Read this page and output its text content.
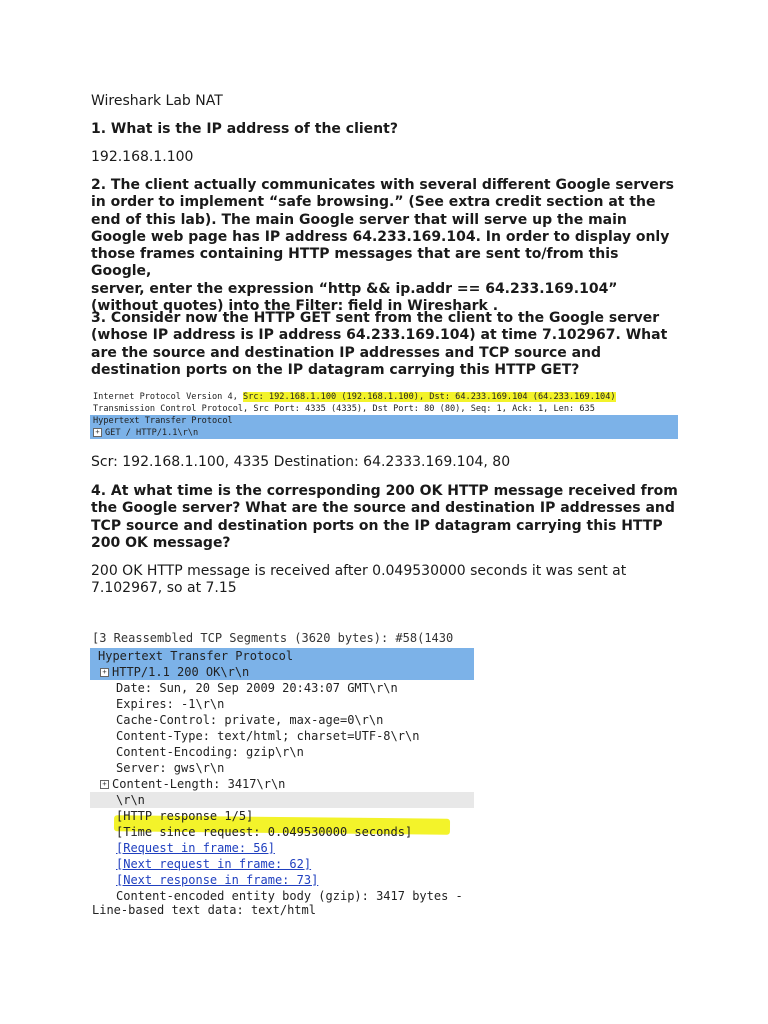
Wireshark Lab NAT

1. What is the IP address of the client?

192.168.1.100

2. The client actually communicates with several different Google servers
in order to implement “safe browsing.” (See extra credit section at the
end of this lab). The main Google server that will serve up the main
Google web page has IP address 64.233.169.104. In order to display only
those frames containing HTTP messages that are sent to/from this Google,
server, enter the expression “http && ip.addr == 64.233.169.104”
(without quotes) into the Filter: field in Wireshark .
3. Consider now the HTTP GET sent from the client to the Google server
(whose IP address is IP address 64.233.169.104) at time 7.102967. What
are the source and destination IP addresses and TCP source and
destination ports on the IP datagram carrying this HTTP GET?
Internet Protocol Version 4, Src: 192.168.1.100 (192.168.1.100), Dst: 64.233.169.104 (64.233.169.104)
Transmission Control Protocol, Src Port: 4335 (4335), Dst Port: 80 (80), Seq: 1, Ack: 1, Len: 635
Hypertext Transfer Protocol
+ GET / HTTP/1.1\r\n

Scr: 192.168.1.100, 4335 Destination: 64.2333.169.104, 80

4. At what time is the corresponding 200 OK HTTP message received from
the Google server? What are the source and destination IP addresses and
TCP source and destination ports on the IP datagram carrying this HTTP
200 OK message?
200 OK HTTP message is received after 0.049530000 seconds it was sent at
7.102967, so at 7.15
[3 Reassembled TCP Segments (3620 bytes): #58(1430
Hypertext Transfer Protocol
+ HTTP/1.1 200 OK\r\n
Date: Sun, 20 Sep 2009 20:43:07 GMT\r\n
Expires: -1\r\n
Cache-Control: private, max-age=0\r\n
Content-Type: text/html; charset=UTF-8\r\n
Content-Encoding: gzip\r\n
Server: gws\r\n
+ Content-Length: 3417\r\n
\r\n
[HTTP response 1/5]
[Time since request: 0.049530000 seconds]
[Request in frame: 56]
[Next request in frame: 62]
[Next response in frame: 73]
Content-encoded entity body (gzip): 3417 bytes -
Line-based text data: text/html
